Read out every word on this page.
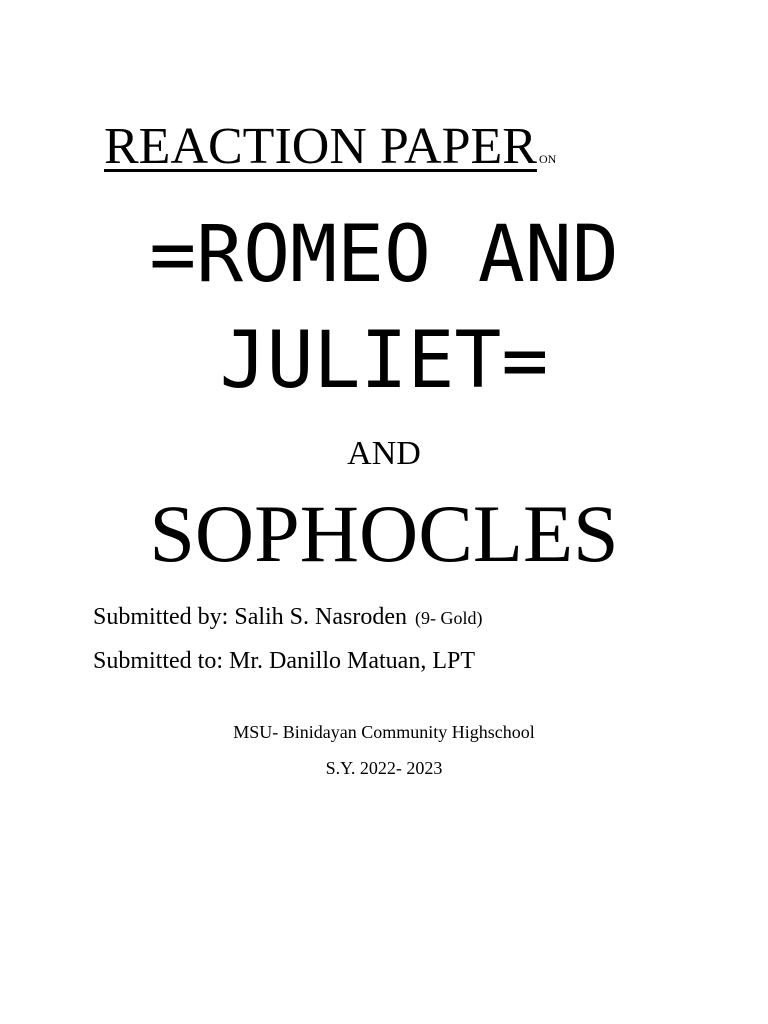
REACTION PAPER ON
=ROMEO AND
JULIET=
AND
SOPHOCLES
Submitted by: Salih S. Nasroden (9- Gold)
Submitted to: Mr. Danillo Matuan, LPT
MSU- Binidayan Community Highschool
S.Y. 2022- 2023
